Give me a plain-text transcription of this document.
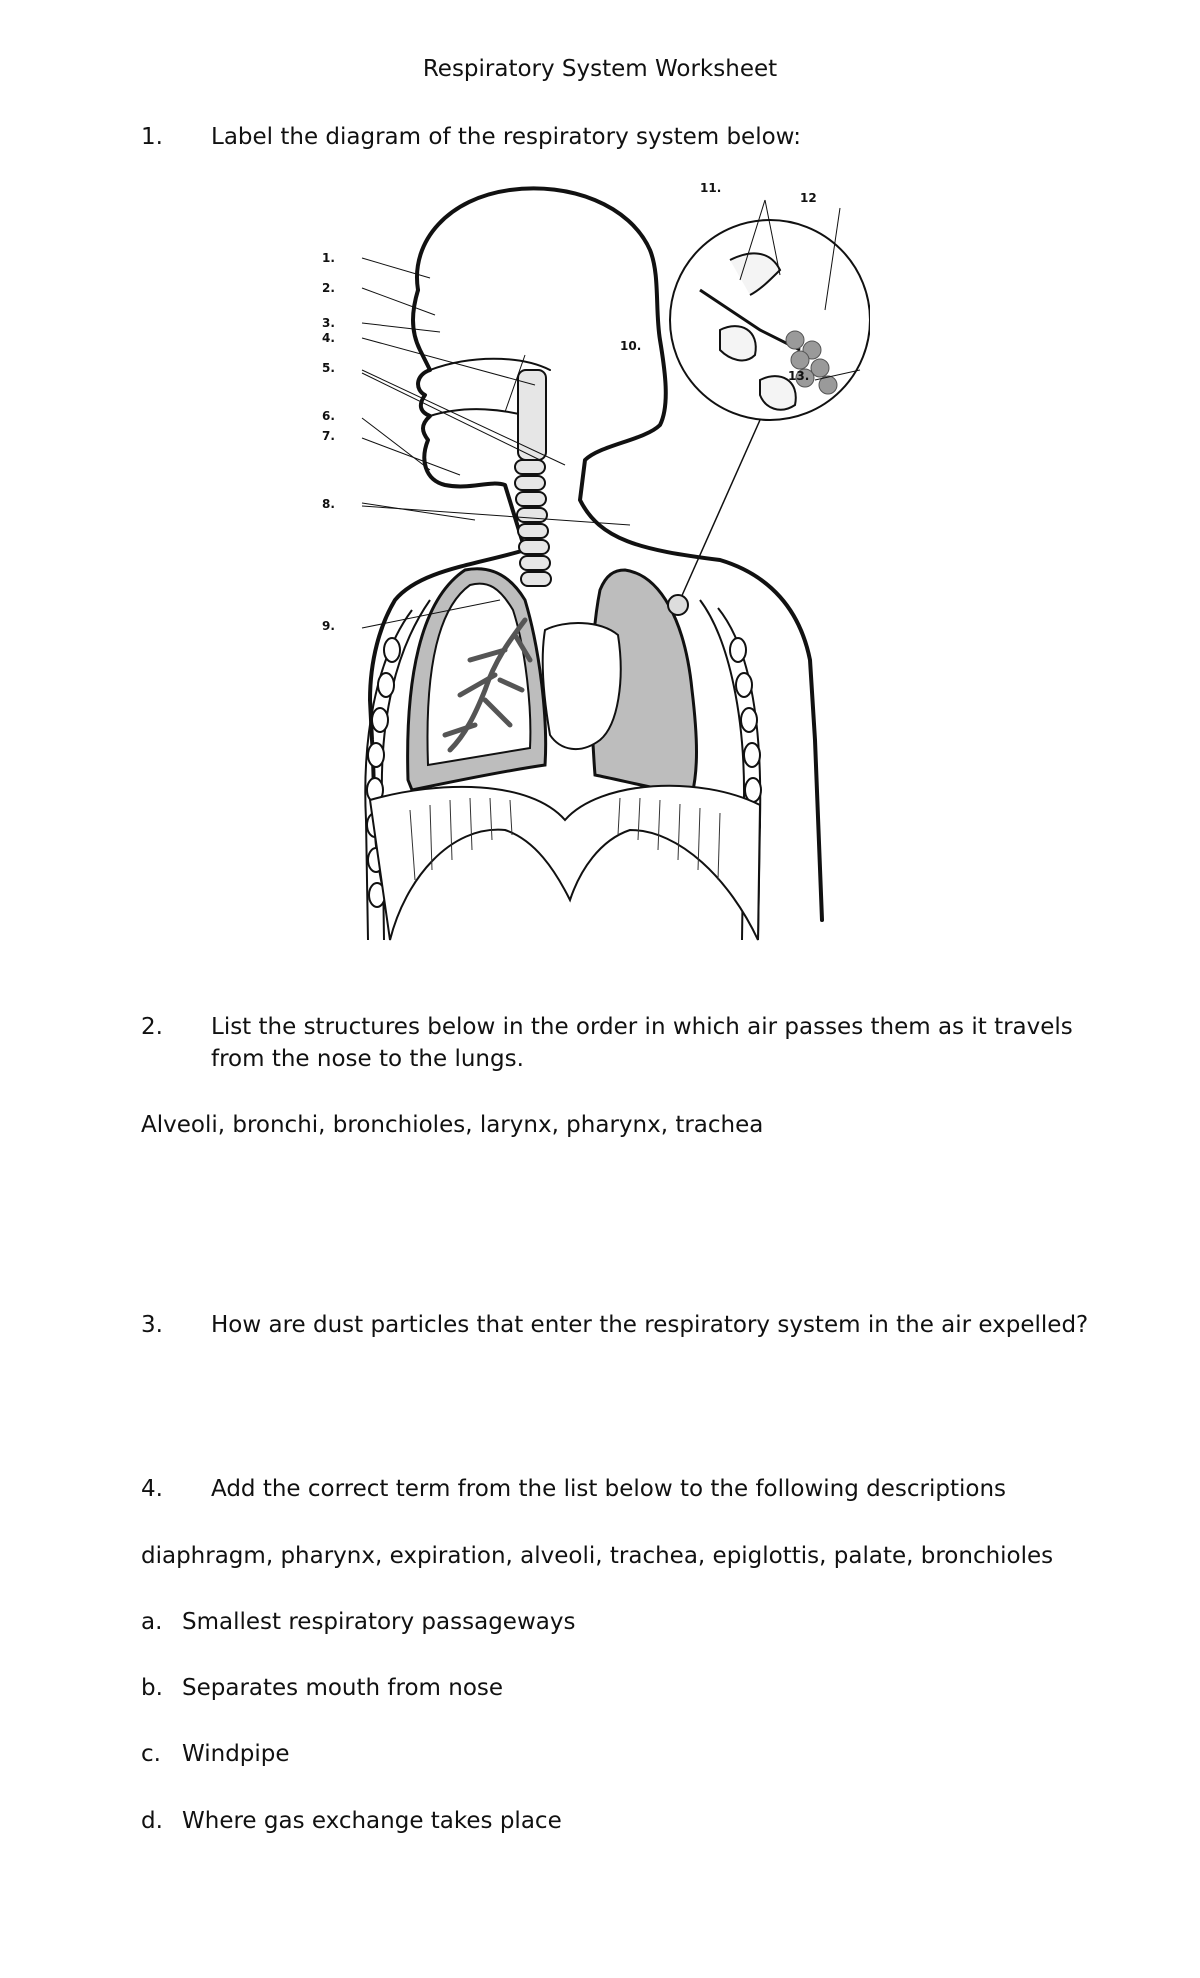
Respiratory System Worksheet
1. Label the diagram of the respiratory system below:
1.
2.
3.
4.
5.
6.
7.
8.
9.
10.
11.
12
13.
2. List the structures below in the order in which air passes them as it travels
from the nose to the lungs.
Alveoli, bronchi, bronchioles, larynx, pharynx, trachea
3. How are dust particles that enter the respiratory system in the air expelled?
4. Add the correct term from the list below to the following descriptions
diaphragm, pharynx, expiration, alveoli, trachea, epiglottis, palate, bronchioles
a. Smallest respiratory passageways
b. Separates mouth from nose
c. Windpipe
d. Where gas exchange takes place
